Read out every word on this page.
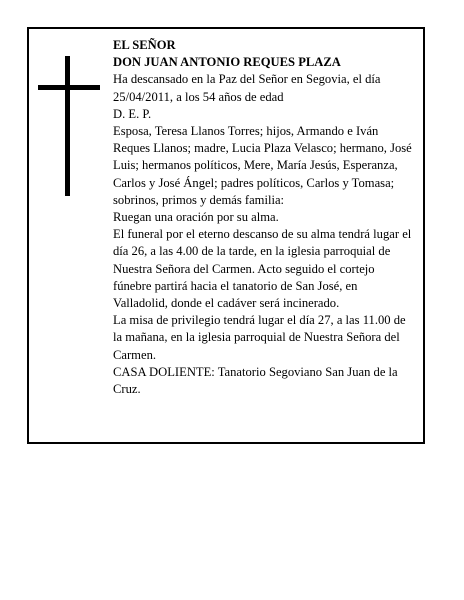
EL SEÑOR

DON JUAN ANTONIO REQUES PLAZA

Ha descansado en la Paz del Señor en Segovia, el día 25/04/2011, a los 54 años de edad

D. E. P.

Esposa, Teresa Llanos Torres; hijos, Armando e Iván Reques Llanos; madre, Lucia Plaza Velasco; hermano, José Luis; hermanos políticos, Mere, María Jesús, Esperanza, Carlos y José Ángel; padres políticos, Carlos y Tomasa; sobrinos, primos y demás familia:

Ruegan una oración por su alma.

El funeral por el eterno descanso de su alma tendrá lugar el día 26, a las 4.00 de la tarde, en la iglesia parroquial de Nuestra Señora del Carmen. Acto seguido el cortejo fúnebre partirá hacia el tanatorio de San José, en Valladolid, donde el cadáver será incinerado.

La misa de privilegio tendrá lugar el día 27, a las 11.00 de la mañana, en la iglesia parroquial de Nuestra Señora del Carmen.

CASA DOLIENTE: Tanatorio Segoviano San Juan de la Cruz.
